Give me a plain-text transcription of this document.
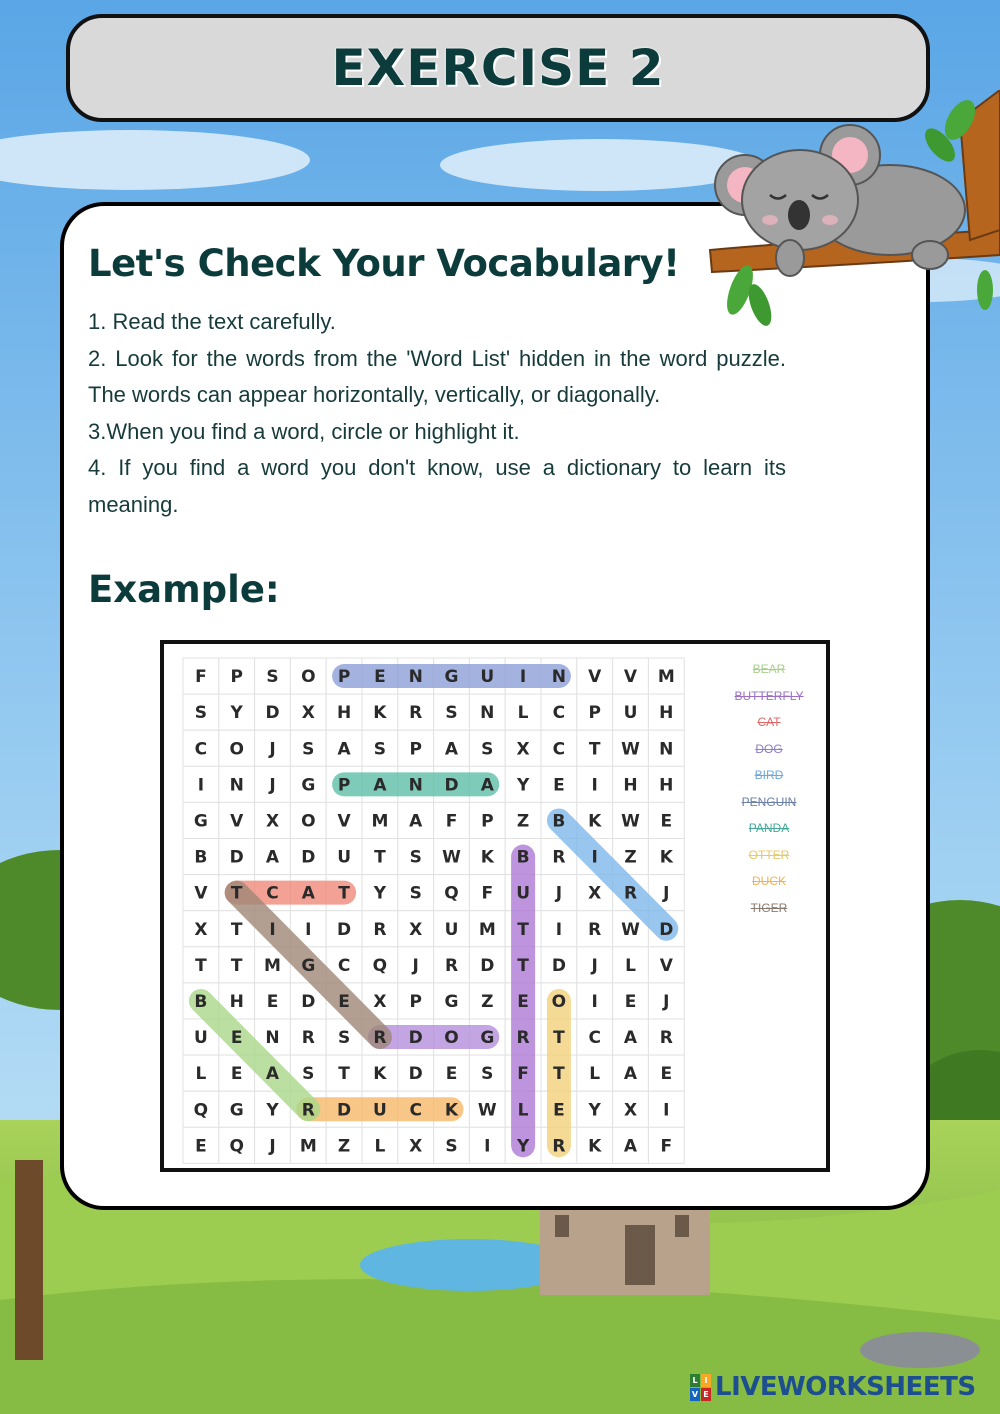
EXERCISE 2
Let's Check Your Vocabulary!

1. Read the text carefully.

2. Look for the words from the 'Word List' hidden in the word puzzle. The words can appear horizontally, vertically, or diagonally.

3.When you find a word, circle or highlight it.

4. If you find a word you don't know, use a dictionary to learn its meaning.

Example:
F P S O P E N G U I N V V M
S Y D X H K R S N L C P U H
C O J S A S P A S X C T W N
I N J G P A N D A Y E I H H
G V X O V M A F P Z B K W E
B D A D U T S W K B R I Z K
V T C A T Y S Q F U J X R J
X T I I D R X U M T I R W D
T T M G C Q J R D T D J L V
B H E D E X P G Z E O I E J
U E N R S R D O G R T C A R
L E A S T K D E S F T L A E
Q G Y R D U C K W L E Y X I
E Q J M Z L X S I Y R K A F
BEAR
BUTTERFLY
CAT
DOG
BIRD
PENGUIN
PANDA
OTTER
DUCK
TIGER
L I
V E LIVEWORKSHEETS
